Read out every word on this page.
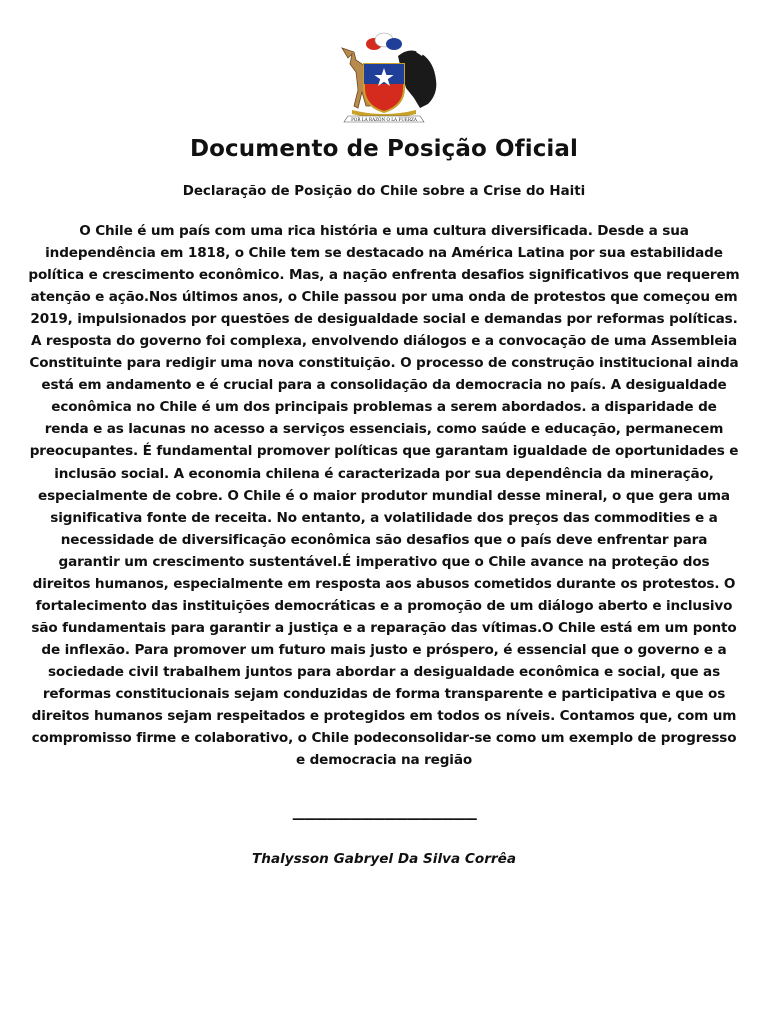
POR LA RAZÓN O LA FUERZA
Documento de Posição Oficial
Declaração de Posição do Chile sobre a Crise do Haiti
O Chile é um país com uma rica história e uma cultura diversificada. Desde a sua independência em 1818, o Chile tem se destacado na América Latina por sua estabilidade política e crescimento econômico. Mas, a nação enfrenta desafios significativos que requerem atenção e ação.Nos últimos anos, o Chile passou por uma onda de protestos que começou em 2019, impulsionados por questões de desigualdade social e demandas por reformas políticas. A resposta do governo foi complexa, envolvendo diálogos e a convocação de uma Assembleia Constituinte para redigir uma nova constituição. O processo de construção institucional ainda está em andamento e é crucial para a consolidação da democracia no país. A desigualdade econômica no Chile é um dos principais problemas a serem abordados. a disparidade de renda e as lacunas no acesso a serviços essenciais, como saúde e educação, permanecem preocupantes. É fundamental promover políticas que garantam igualdade de oportunidades e inclusão social. A economia chilena é caracterizada por sua dependência da mineração, especialmente de cobre. O Chile é o maior produtor mundial desse mineral, o que gera uma significativa fonte de receita. No entanto, a volatilidade dos preços das commodities e a necessidade de diversificação econômica são desafios que o país deve enfrentar para garantir um crescimento sustentável.É imperativo que o Chile avance na proteção dos direitos humanos, especialmente em resposta aos abusos cometidos durante os protestos. O fortalecimento das instituições democráticas e a promoção de um diálogo aberto e inclusivo são fundamentais para garantir a justiça e a reparação das vítimas.O Chile está em um ponto de inflexão. Para promover um futuro mais justo e próspero, é essencial que o governo e a sociedade civil trabalhem juntos para abordar a desigualdade econômica e social, que as reformas constitucionais sejam conduzidas de forma transparente e participativa e que os direitos humanos sejam respeitados e protegidos em todos os níveis. Contamos que, com um compromisso firme e colaborativo, o Chile podeconsolidar-se como um exemplo de progresso e democracia na região
————————————————
Thalysson Gabryel Da Silva Corrêa
